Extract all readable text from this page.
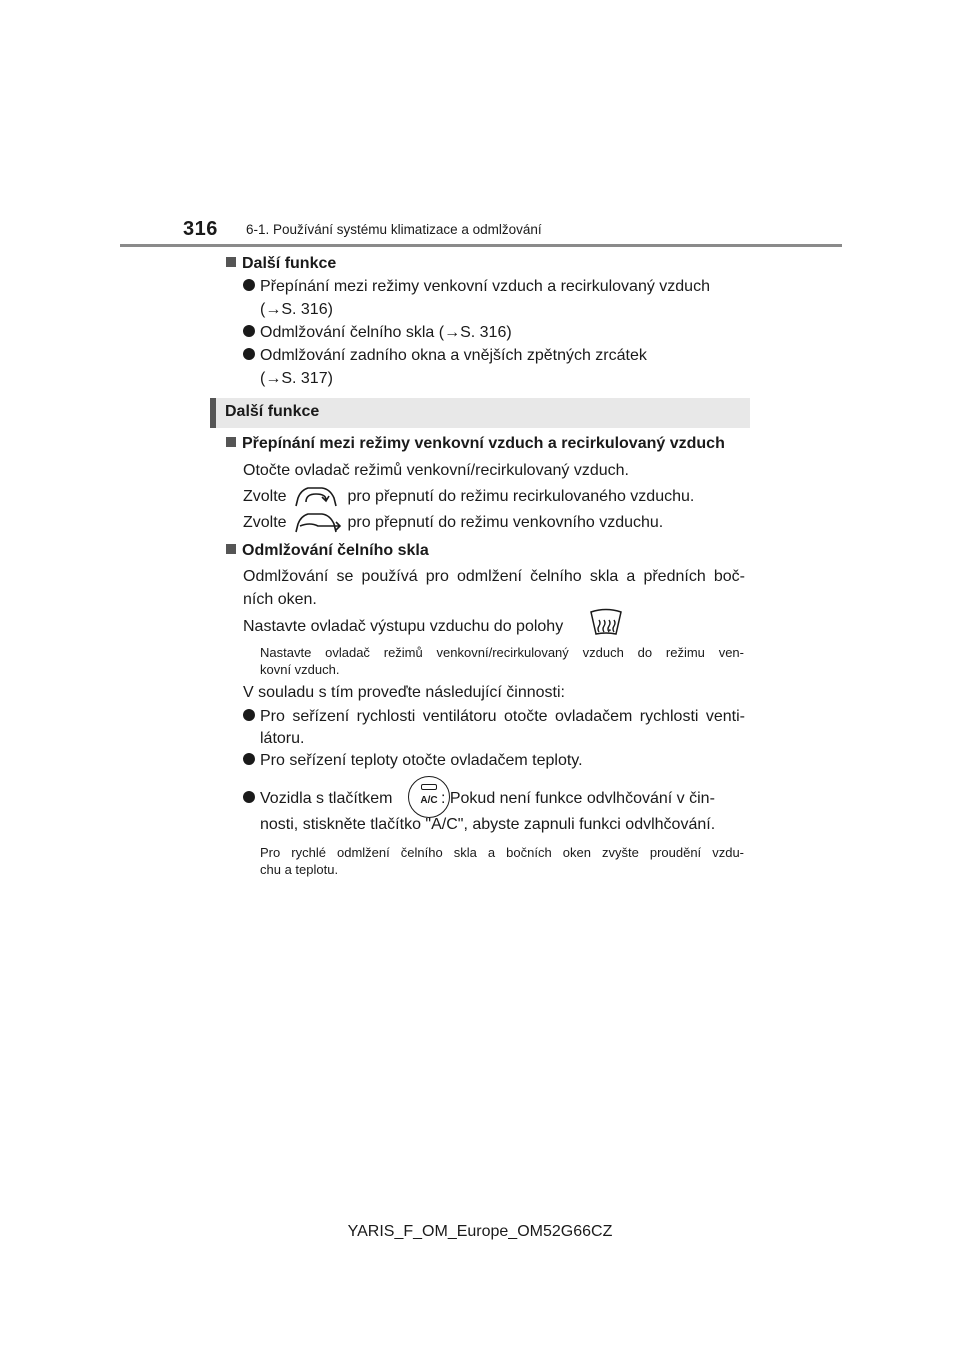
316 6-1. Používání systému klimatizace a odmlžování
Další funkce
Přepínání mezi režimy venkovní vzduch a recirkulovaný vzduch
(→S. 316)
Odmlžování čelního skla (→S. 316)
Odmlžování zadního okna a vnějších zpětných zrcátek
(→S. 317)
Další funkce
Přepínání mezi režimy venkovní vzduch a recirkulovaný vzduch
Otočte ovladač režimů venkovní/recirkulovaný vzduch.
Zvolte	pro přepnutí do režimu recirkulovaného vzduchu.
Zvolte	pro přepnutí do režimu venkovního vzduchu.
Odmlžování čelního skla
Odmlžování se používá pro odmlžení čelního skla a předních boč-
ních oken.
Nastavte ovladač výstupu vzduchu do polohy	.
Nastavte ovladač režimů venkovní/recirkulovaný vzduch do režimu ven-
kovní vzduch.
V souladu s tím proveďte následující činnosti:
Pro seřízení rychlosti ventilátoru otočte ovladačem rychlosti venti-
látoru.
Pro seřízení teploty otočte ovladačem teploty.
Vozidla s tlačítkem	: Pokud není funkce odvlhčování v čin-
A/C
nosti, stiskněte tlačítko "A/C", abyste zapnuli funkci odvlhčování.
Pro rychlé odmlžení čelního skla a bočních oken zvyšte proudění vzdu-
chu a teplotu.
YARIS_F_OM_Europe_OM52G66CZ
